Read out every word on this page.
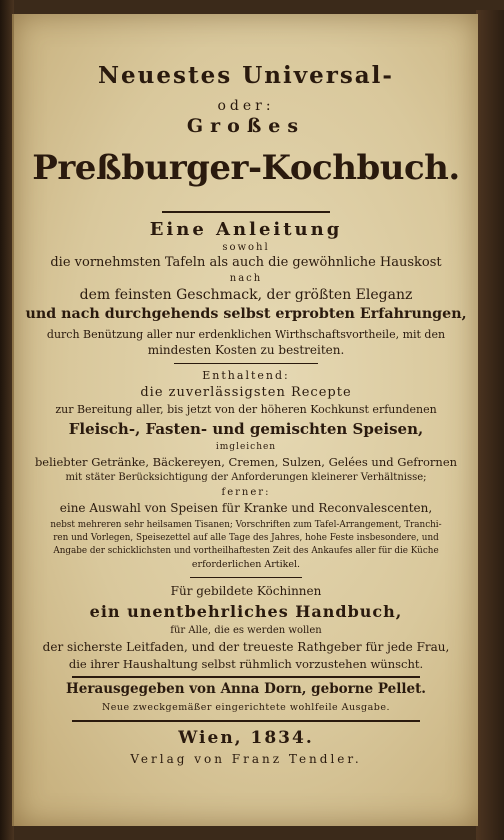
Neuestes Universal-
oder:
Großes
Preßburger-Kochbuch.
Eine Anleitung
sowohl
die vornehmsten Tafeln als auch die gewöhnliche Hauskost
nach
dem feinsten Geschmack, der größten Eleganz
und nach durchgehends selbst erprobten Erfahrungen,
durch Benützung aller nur erdenklichen Wirthschaftsvortheile, mit den
mindesten Kosten zu bestreiten.
Enthaltend:
die zuverlässigsten Recepte
zur Bereitung aller, bis jetzt von der höheren Kochkunst erfundenen
Fleisch-, Fasten- und gemischten Speisen,
imgleichen
beliebter Getränke, Bäckereyen, Cremen, Sulzen, Gelées und Gefrornen
mit stäter Berücksichtigung der Anforderungen kleinerer Verhältnisse;
ferner:
eine Auswahl von Speisen für Kranke und Reconvalescenten,
nebst mehreren sehr heilsamen Tisanen; Vorschriften zum Tafel-Arrangement, Tranchi-
ren und Vorlegen, Speisezettel auf alle Tage des Jahres, hohe Feste insbesondere, und
Angabe der schicklichsten und vortheilhaftesten Zeit des Ankaufes aller für die Küche
erforderlichen Artikel.
Für gebildete Köchinnen
ein unentbehrliches Handbuch,
für Alle, die es werden wollen
der sicherste Leitfaden, und der treueste Rathgeber für jede Frau,
die ihrer Haushaltung selbst rühmlich vorzustehen wünscht.
Herausgegeben von Anna Dorn, geborne Pellet.
Neue zweckgemäßer eingerichtete wohlfeile Ausgabe.
Wien, 1834.
Verlag von Franz Tendler.
